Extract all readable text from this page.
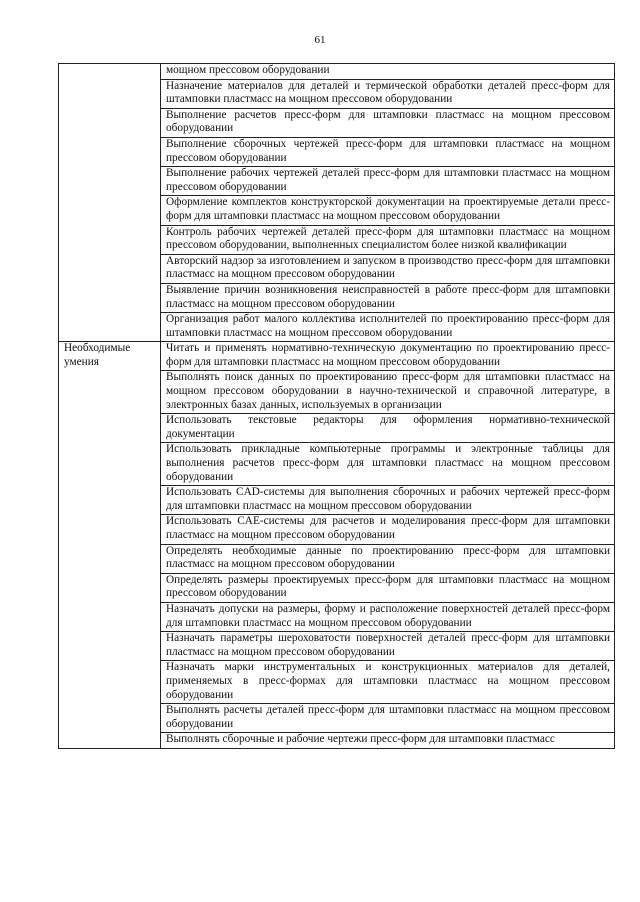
61
	мощном прессовом оборудовании
	Назначение материалов для деталей и термической обработки деталей пресс-форм для штамповки пластмасс на мощном прессовом оборудовании
	Выполнение расчетов пресс-форм для штамповки пластмасс на мощном прессовом оборудовании
	Выполнение сборочных чертежей пресс-форм для штамповки пластмасс на мощном прессовом оборудовании
	Выполнение рабочих чертежей деталей пресс-форм для штамповки пластмасс на мощном прессовом оборудовании
	Оформление комплектов конструкторской документации на проектируемые детали пресс-форм для штамповки пластмасс на мощном прессовом оборудовании
	Контроль рабочих чертежей деталей пресс-форм для штамповки пластмасс на мощном прессовом оборудовании, выполненных специалистом более низкой квалификации
	Авторский надзор за изготовлением и запуском в производство пресс-форм для штамповки пластмасс на мощном прессовом оборудовании
	Выявление причин возникновения неисправностей в работе пресс-форм для штамповки пластмасс на мощном прессовом оборудовании
	Организация работ малого коллектива исполнителей по проектированию пресс-форм для штамповки пластмасс на мощном прессовом оборудовании

Необходимые умения	Читать и применять нормативно-техническую документацию по проектированию пресс-форм для штамповки пластмасс на мощном прессовом оборудовании
	Выполнять поиск данных по проектированию пресс-форм для штамповки пластмасс на мощном прессовом оборудовании в научно-технической и справочной литературе, в электронных базах данных, используемых в организации
	Использовать текстовые редакторы для оформления нормативно-технической документации
	Использовать прикладные компьютерные программы и электронные таблицы для выполнения расчетов пресс-форм для штамповки пластмасс на мощном прессовом оборудовании
	Использовать CAD-системы для выполнения сборочных и рабочих чертежей пресс-форм для штамповки пластмасс на мощном прессовом оборудовании
	Использовать CAE-системы для расчетов и моделирования пресс-форм для штамповки пластмасс на мощном прессовом оборудовании
	Определять необходимые данные по проектированию пресс-форм для штамповки пластмасс на мощном прессовом оборудовании
	Определять размеры проектируемых пресс-форм для штамповки пластмасс на мощном прессовом оборудовании
	Назначать допуски на размеры, форму и расположение поверхностей деталей пресс-форм для штамповки пластмасс на мощном прессовом оборудовании
	Назначать параметры шероховатости поверхностей деталей пресс-форм для штамповки пластмасс на мощном прессовом оборудовании
	Назначать марки инструментальных и конструкционных материалов для деталей, применяемых в пресс-формах для штамповки пластмасс на мощном прессовом оборудовании
	Выполнять расчеты деталей пресс-форм для штамповки пластмасс на мощном прессовом оборудовании
	Выполнять сборочные и рабочие чертежи пресс-форм для штамповки пластмасс
